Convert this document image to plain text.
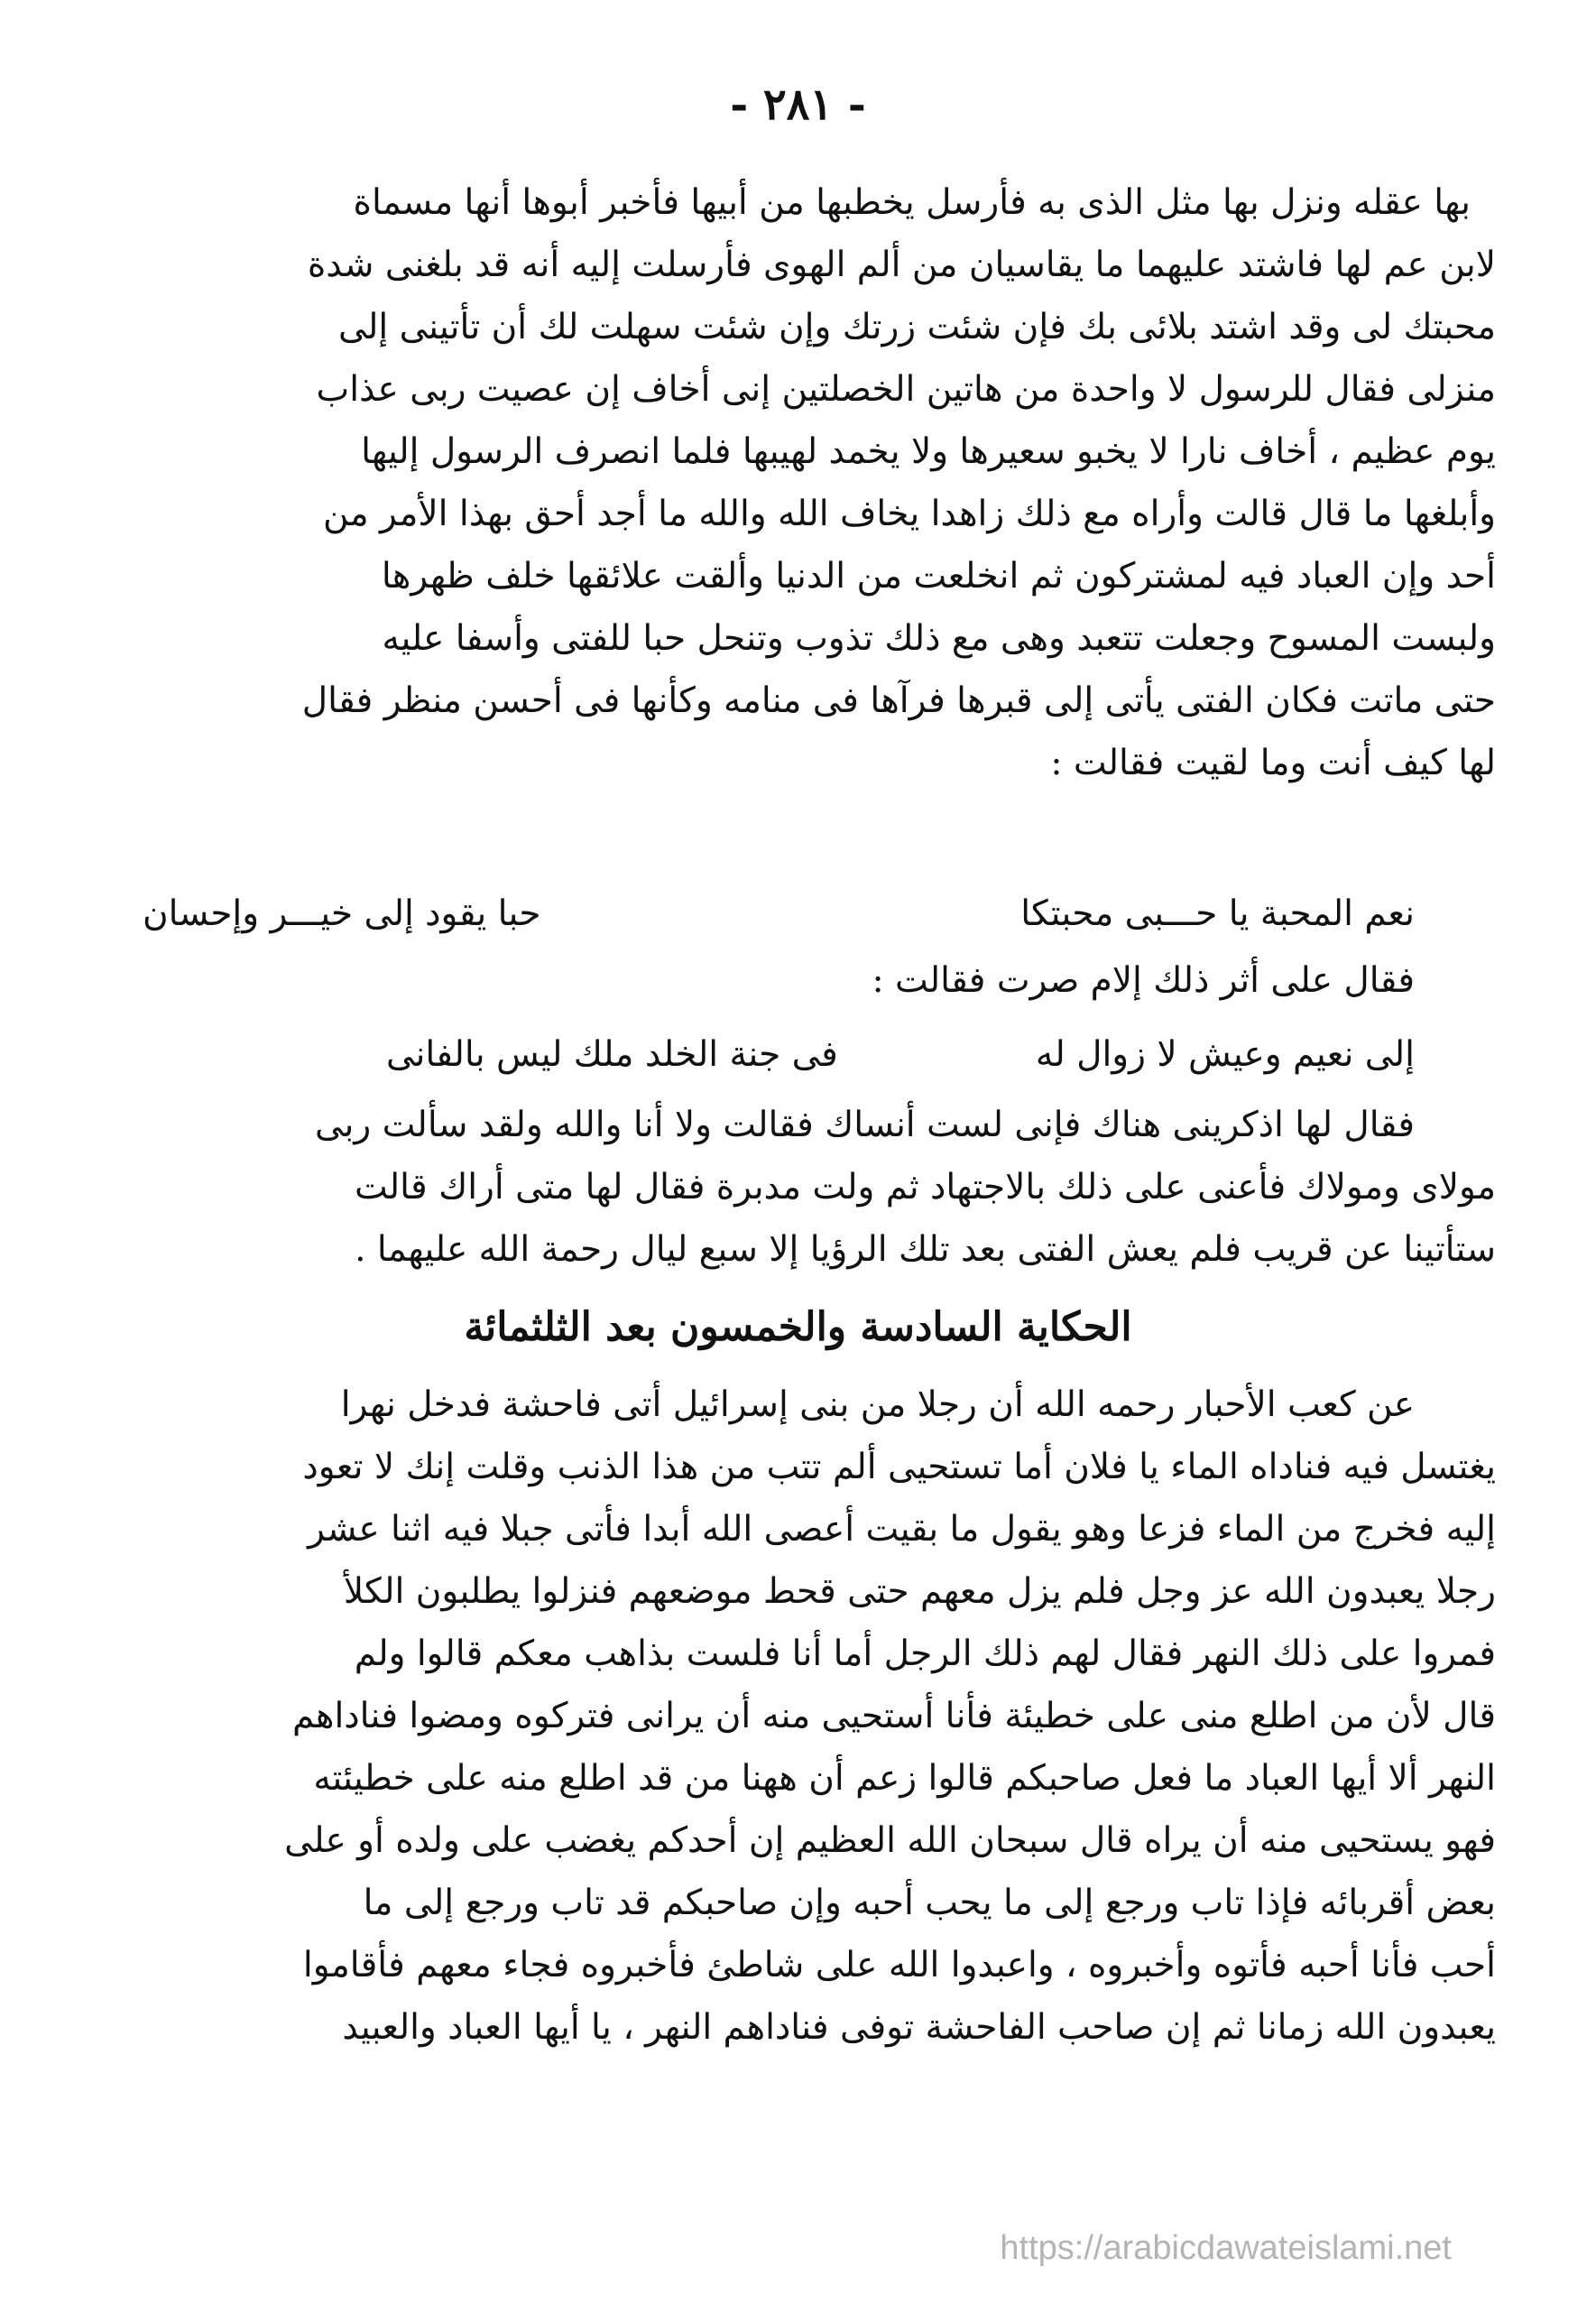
- ٢٨١ -
بها عقله ونزل بها مثل الذى به فأرسل يخطبها من أبيها فأخبر أبوها أنها مسماة
لابن عم لها فاشتد عليهما ما يقاسيان من ألم الهوى فأرسلت إليه أنه قد بلغنى شدة
محبتك لى وقد اشتد بلائى بك فإن شئت زرتك وإن شئت سهلت لك أن تأتينى إلى
منزلى فقال للرسول لا واحدة من هاتين الخصلتين إنى أخاف إن عصيت ربى عذاب
يوم عظيم ، أخاف نارا لا يخبو سعيرها ولا يخمد لهيبها فلما انصرف الرسول إليها
وأبلغها ما قال قالت وأراه مع ذلك زاهدا يخاف الله والله ما أجد أحق بهذا الأمر من
أحد وإن العباد فيه لمشتركون ثم انخلعت من الدنيا وألقت علائقها خلف ظهرها
ولبست المسوح وجعلت تتعبد وهى مع ذلك تذوب وتنحل حبا للفتى وأسفا عليه
حتى ماتت فكان الفتى يأتى إلى قبرها فرآها فى منامه وكأنها فى أحسن منظر فقال
لها كيف أنت وما لقيت فقالت :
نعم المحبة يا حـــبى محبتكا
حبا يقود إلى خيـــر وإحسان
فقال على أثر ذلك إلام صرت فقالت :
إلى نعيم وعيش لا زوال له
فى جنة الخلد ملك ليس بالفانى
فقال لها اذكرينى هناك فإنى لست أنساك فقالت ولا أنا والله ولقد سألت ربى
مولاى ومولاك فأعنى على ذلك بالاجتهاد ثم ولت مدبرة فقال لها متى أراك قالت
ستأتينا عن قريب فلم يعش الفتى بعد تلك الرؤيا إلا سبع ليال رحمة الله عليهما .
الحكاية السادسة والخمسون بعد الثلثمائة
عن كعب الأحبار رحمه الله أن رجلا من بنى إسرائيل أتى فاحشة فدخل نهرا
يغتسل فيه فناداه الماء يا فلان أما تستحيى ألم تتب من هذا الذنب وقلت إنك لا تعود
إليه فخرج من الماء فزعا وهو يقول ما بقيت أعصى الله أبدا فأتى جبلا فيه اثنا عشر
رجلا يعبدون الله عز وجل فلم يزل معهم حتى قحط موضعهم فنزلوا يطلبون الكلأ
فمروا على ذلك النهر فقال لهم ذلك الرجل أما أنا فلست بذاهب معكم قالوا ولم
قال لأن من اطلع منى على خطيئة فأنا أستحيى منه أن يرانى فتركوه ومضوا فناداهم
النهر ألا أيها العباد ما فعل صاحبكم قالوا زعم أن ههنا من قد اطلع منه على خطيئته
فهو يستحيى منه أن يراه قال سبحان الله العظيم إن أحدكم يغضب على ولده أو على
بعض أقربائه فإذا تاب ورجع إلى ما يحب أحبه وإن صاحبكم قد تاب ورجع إلى ما
أحب فأنا أحبه فأتوه وأخبروه ، واعبدوا الله على شاطئ فأخبروه فجاء معهم فأقاموا
يعبدون الله زمانا ثم إن صاحب الفاحشة توفى فناداهم النهر ، يا أيها العباد والعبيد
https://arabicdawateislami.net
